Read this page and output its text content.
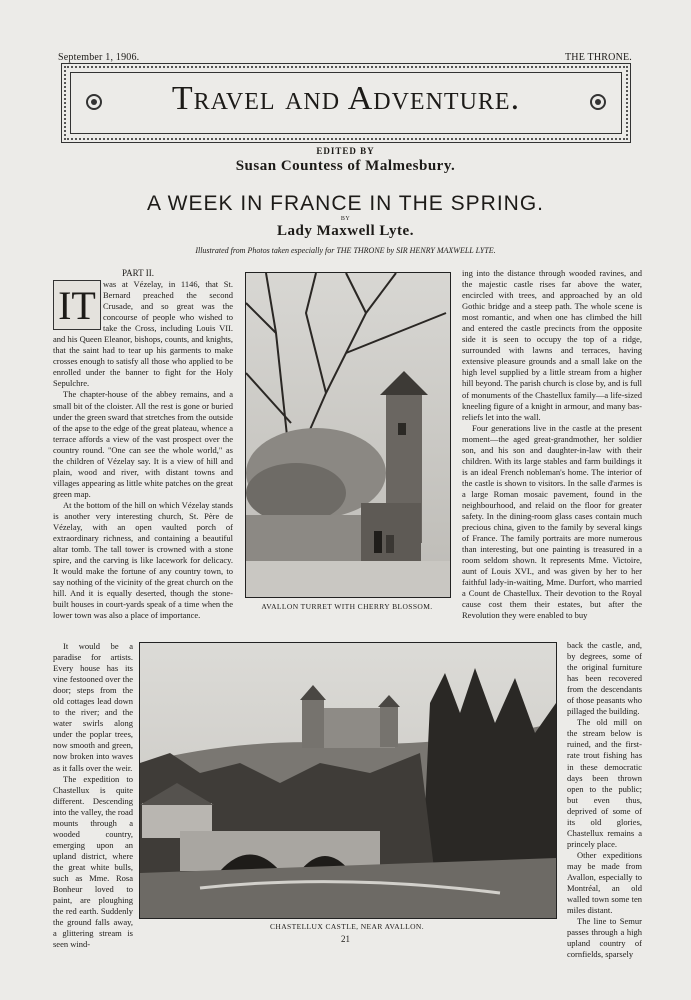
September 1, 1906.	THE THRONE.
Travel and Adventure.
EDITED BY
Susan Countess of Malmesbury.
A WEEK IN FRANCE IN THE SPRING.
BY
Lady Maxwell Lyte.
Illustrated from Photos taken especially for THE THRONE by SIR HENRY MAXWELL LYTE.
PART II.
IT was at Vézelay, in 1146, that St. Bernard preached the second Crusade, and so great was the concourse of people who wished to take the Cross, including Louis VII. and his Queen Eleanor, bishops, counts, and knights, that the saint had to tear up his garments to make crosses enough to satisfy all those who applied to be enrolled under the banner to fight for the Holy Sepulchre.

The chapter-house of the abbey remains, and a small bit of the cloister. All the rest is gone or buried under the green sward that stretches from the outside of the apse to the edge of the great plateau, whence a terrace affords a view of the vast prospect over the country round. "One can see the whole world," as the children of Vézelay say. It is a view of hill and plain, wood and river, with distant towns and villages appearing as little white patches on the great green map.

At the bottom of the hill on which Vézelay stands is another very interesting church, St. Père de Vézelay, with an open vaulted porch of extraordinary richness, and containing a beautiful altar tomb. The tall tower is crowned with a stone spire, and the carving is like lacework for delicacy. It would make the fortune of any country town, to say nothing of the vicinity of the great church on the hill. And it is equally deserted, though the stone-built houses in court-yards speak of a time when the lower town was also a place of importance.

It would be a paradise for artists. Every house has its vine festooned over the door; steps from the old cottages lead down to the river; and the water swirls along under the poplar trees, now smooth and green, now broken into waves as it falls over the weir.

The expedition to Chastellux is quite different. Descending into the valley, the road mounts through a wooded country, emerging upon an upland district, where the great white bulls, such as Mme. Rosa Bonheur loved to paint, are ploughing the red earth. Suddenly the ground falls away, a glittering stream is seen wind-

AVALLON TURRET WITH CHERRY BLOSSOM.

ing into the distance through wooded ravines, and the majestic castle rises far above the water, encircled with trees, and approached by an old Gothic bridge and a steep path. The whole scene is most romantic, and when one has climbed the hill and entered the castle precincts from the opposite side it is seen to occupy the top of a ridge, surrounded with lawns and terraces, having extensive pleasure grounds and a small lake on the high level supplied by a little stream from a higher hill beyond. The parish church is close by, and is full of monuments of the Chastellux family—a life-sized kneeling figure of a knight in armour, and many bas-reliefs let into the wall.

Four generations live in the castle at the present moment—the aged great-grandmother, her soldier son, and his son and daughter-in-law with their children. With its large stables and farm buildings it is an ideal French nobleman's home. The interior of the castle is shown to visitors. In the salle d'armes is a large Roman mosaic pavement, found in the neighbourhood, and relaid on the floor for greater safety. In the dining-room glass cases contain much precious china, given to the family by several kings of France. The family portraits are more numerous than interesting, but one painting is treasured in a room seldom shown. It represents Mme. Victoire, aunt of Louis XVI., and was given by her to her faithful lady-in-waiting, Mme. Durfort, who married a Count de Chastellux. Their devotion to the Royal cause cost them their estates, but after the Revolution they were enabled to buy

back the castle, and, by degrees, some of the original furniture has been recovered from the descendants of those peasants who pillaged the building.

The old mill on the stream below is ruined, and the first-rate trout fishing has in these democratic days been thrown open to the public; but even thus, deprived of some of its old glories, Chastellux remains a princely place.

Other expeditions may be made from Avallon, especially to Montréal, an old walled town some ten miles distant.

The line to Semur passes through a high upland country of cornfields, sparsely

CHASTELLUX CASTLE, NEAR AVALLON.
21
